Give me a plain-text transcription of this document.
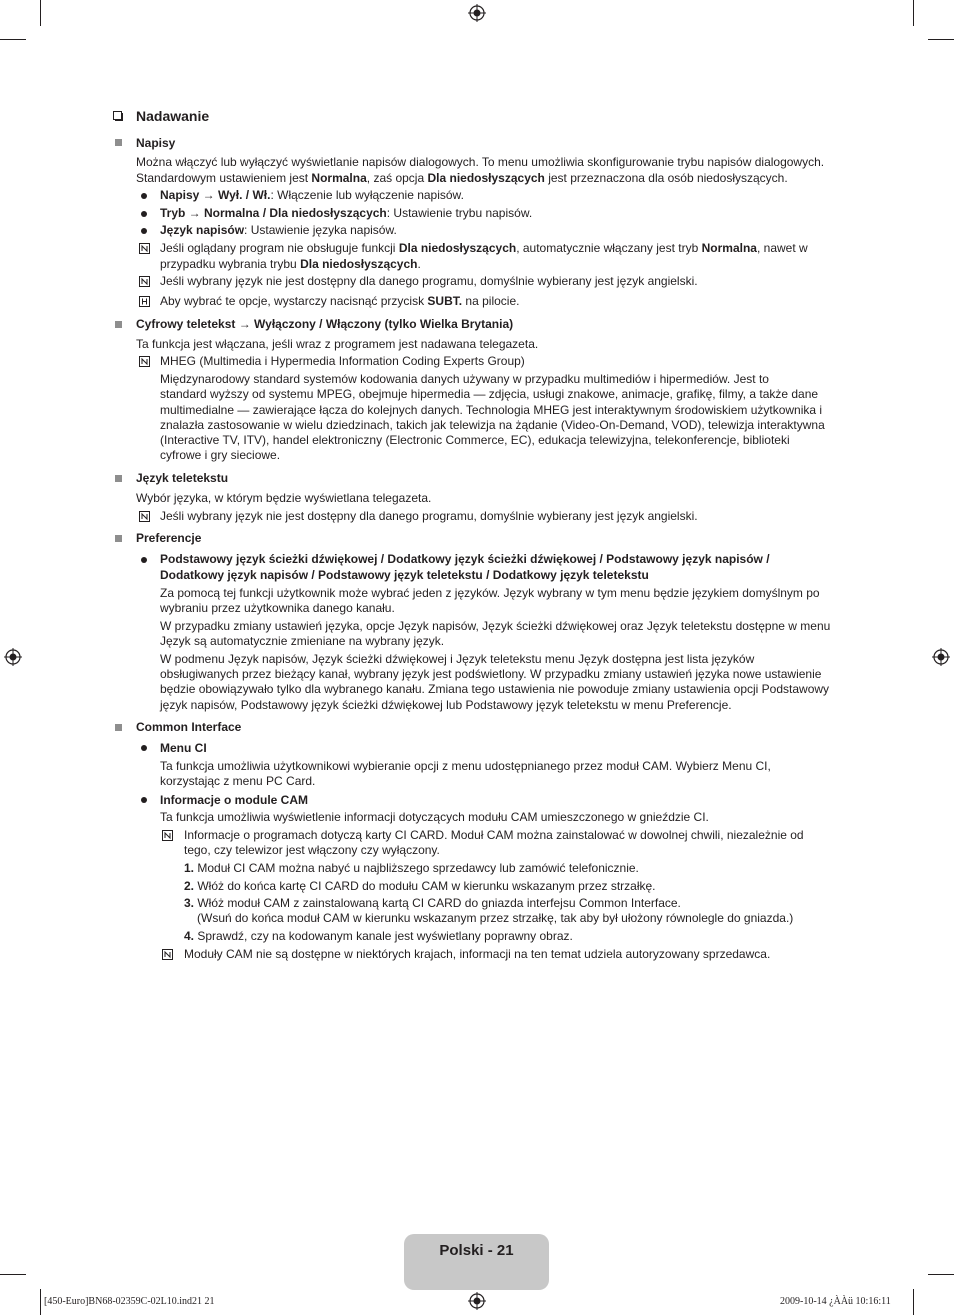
Nadawanie
Napisy
Można włączyć lub wyłączyć wyświetlanie napisów dialogowych. To menu umożliwia skonfigurowanie trybu napisów dialogowych.
Standardowym ustawieniem jest Normalna, zaś opcja Dla niedosłyszących jest przeznaczona dla osób niedosłyszących.
Napisy → Wył. / Wł.: Włączenie lub wyłączenie napisów.
Tryb → Normalna / Dla niedosłyszących: Ustawienie trybu napisów.
Język napisów: Ustawienie języka napisów.
Jeśli oglądany program nie obsługuje funkcji Dla niedosłyszących, automatycznie włączany jest tryb Normalna, nawet w
przypadku wybrania trybu Dla niedosłyszących.
Jeśli wybrany język nie jest dostępny dla danego programu, domyślnie wybierany jest język angielski.
Aby wybrać te opcje, wystarczy nacisnąć przycisk SUBT. na pilocie.
Cyfrowy teletekst → Wyłączony / Włączony (tylko Wielka Brytania)
Ta funkcja jest włączana, jeśli wraz z programem jest nadawana telegazeta.
MHEG (Multimedia i Hypermedia Information Coding Experts Group)
Międzynarodowy standard systemów kodowania danych używany w przypadku multimediów i hipermediów. Jest to
standard wyższy od systemu MPEG, obejmuje hipermedia — zdjęcia, usługi znakowe, animacje, grafikę, filmy, a także dane
multimedialne — zawierające łącza do kolejnych danych. Technologia MHEG jest interaktywnym środowiskiem użytkownika i
znalazła zastosowanie w wielu dziedzinach, takich jak telewizja na żądanie (Video-On-Demand, VOD), telewizja interaktywna
(Interactive TV, ITV), handel elektroniczny (Electronic Commerce, EC), edukacja telewizyjna, telekonferencje, biblioteki
cyfrowe i gry sieciowe.
Język teletekstu
Wybór języka, w którym będzie wyświetlana telegazeta.
Jeśli wybrany język nie jest dostępny dla danego programu, domyślnie wybierany jest język angielski.
Preferencje
Podstawowy język ścieżki dźwiękowej / Dodatkowy język ścieżki dźwiękowej / Podstawowy język napisów /
Dodatkowy język napisów / Podstawowy język teletekstu / Dodatkowy język teletekstu
Za pomocą tej funkcji użytkownik może wybrać jeden z języków. Język wybrany w tym menu będzie językiem domyślnym po
wybraniu przez użytkownika danego kanału.
W przypadku zmiany ustawień języka, opcje Język napisów, Język ścieżki dźwiękowej oraz Język teletekstu dostępne w menu
Język są automatycznie zmieniane na wybrany język.
W podmenu Język napisów, Język ścieżki dźwiękowej i Język teletekstu menu Język dostępna jest lista języków
obsługiwanych przez bieżący kanał, wybrany język jest podświetlony. W przypadku zmiany ustawień języka nowe ustawienie
będzie obowiązywało tylko dla wybranego kanału. Zmiana tego ustawienia nie powoduje zmiany ustawienia opcji Podstawowy
język napisów, Podstawowy język ścieżki dźwiękowej lub Podstawowy język teletekstu w menu Preferencje.
Common Interface
Menu CI
Ta funkcja umożliwia użytkownikowi wybieranie opcji z menu udostępnianego przez moduł CAM. Wybierz Menu CI,
korzystając z menu PC Card.
Informacje o module CAM
Ta funkcja umożliwia wyświetlenie informacji dotyczących modułu CAM umieszczonego w gnieździe CI.
Informacje o programach dotyczą karty CI CARD. Moduł CAM można zainstalować w dowolnej chwili, niezależnie od
tego, czy telewizor jest włączony czy wyłączony.
1. Moduł CI CAM można nabyć u najbliższego sprzedawcy lub zamówić telefonicznie.
2. Włóż do końca kartę CI CARD do modułu CAM w kierunku wskazanym przez strzałkę.
3. Włóż moduł CAM z zainstalowaną kartą CI CARD do gniazda interfejsu Common Interface.
(Wsuń do końca moduł CAM w kierunku wskazanym przez strzałkę, tak aby był ułożony równolegle do gniazda.)
4. Sprawdź, czy na kodowanym kanale jest wyświetlany poprawny obraz.
Moduły CAM nie są dostępne w niektórych krajach, informacji na ten temat udziela autoryzowany sprzedawca.
Polski - 21
[450-Euro]BN68-02359C-02L10.ind21 21	2009-10-14 ¿ÀÀü 10:16:11
